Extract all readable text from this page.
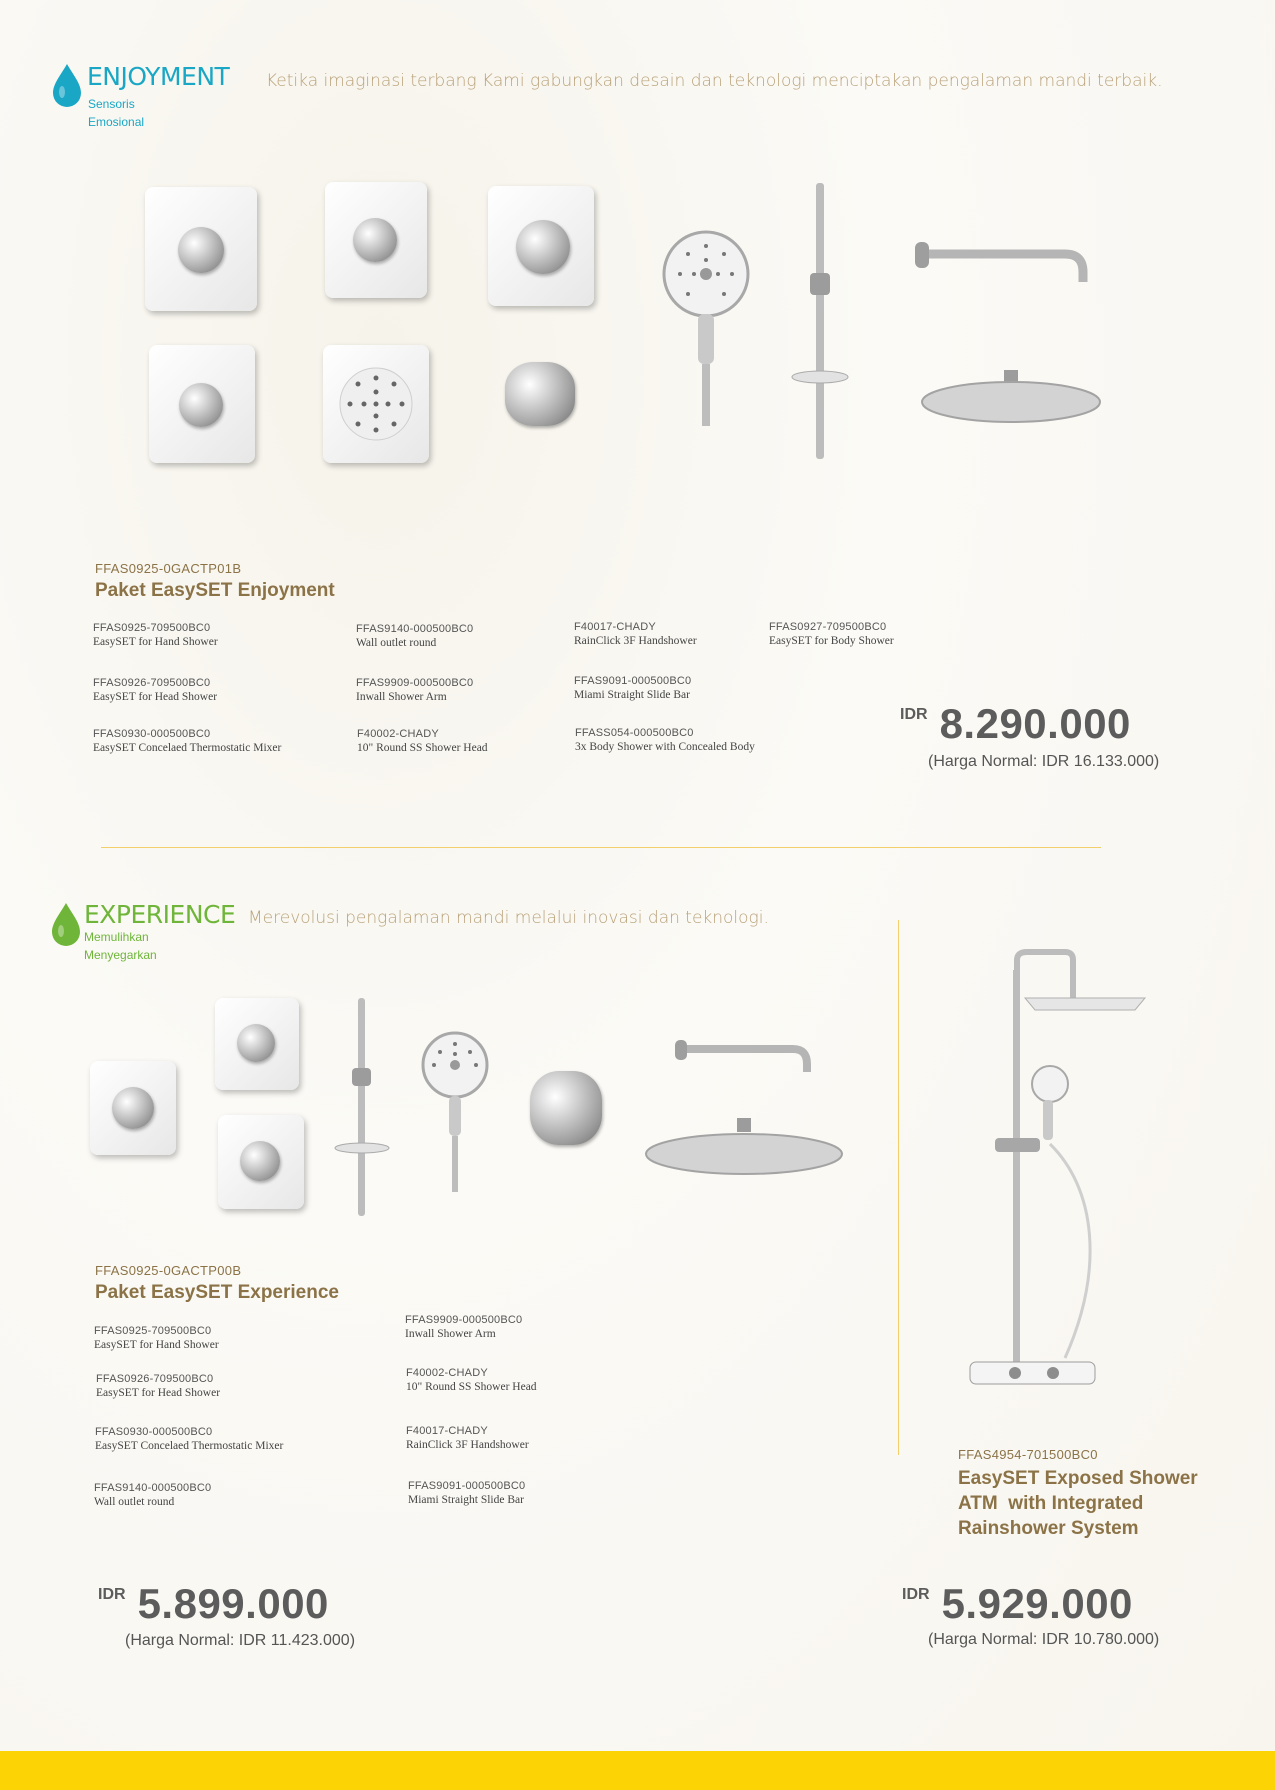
ENJOYMENT
Sensoris
Emosional
Ketika imaginasi terbang Kami gabungkan desain dan teknologi menciptakan pengalaman mandi terbaik.
FFAS0925-0GACTP01B
Paket EasySET Enjoyment
FFAS0925-709500BC0
EasySET for Hand Shower
FFAS0926-709500BC0
EasySET for Head Shower
FFAS0930-000500BC0
EasySET Concelaed Thermostatic Mixer
FFAS9140-000500BC0
Wall outlet round
FFAS9909-000500BC0
Inwall Shower Arm
F40002-CHADY
10" Round SS Shower Head
F40017-CHADY
RainClick 3F Handshower
FFAS9091-000500BC0
Miami Straight Slide Bar
FFASS054-000500BC0
3x Body Shower with Concealed Body
FFAS0927-709500BC0
EasySET for Body Shower
IDR 8.290.000
(Harga Normal: IDR 16.133.000)
EXPERIENCE
Memulihkan
Menyegarkan
Merevolusi pengalaman mandi melalui inovasi dan teknologi.
FFAS0925-0GACTP00B
Paket EasySET Experience
FFAS0925-709500BC0
EasySET for Hand Shower
FFAS0926-709500BC0
EasySET for Head Shower
FFAS0930-000500BC0
EasySET Concelaed Thermostatic Mixer
FFAS9140-000500BC0
Wall outlet round
FFAS9909-000500BC0
Inwall Shower Arm
F40002-CHADY
10" Round SS Shower Head
F40017-CHADY
RainClick 3F Handshower
FFAS9091-000500BC0
Miami Straight Slide Bar
IDR 5.899.000
(Harga Normal: IDR 11.423.000)
FFAS4954-701500BC0
EasySET Exposed Shower
ATM  with Integrated
Rainshower System
IDR 5.929.000
(Harga Normal: IDR 10.780.000)
